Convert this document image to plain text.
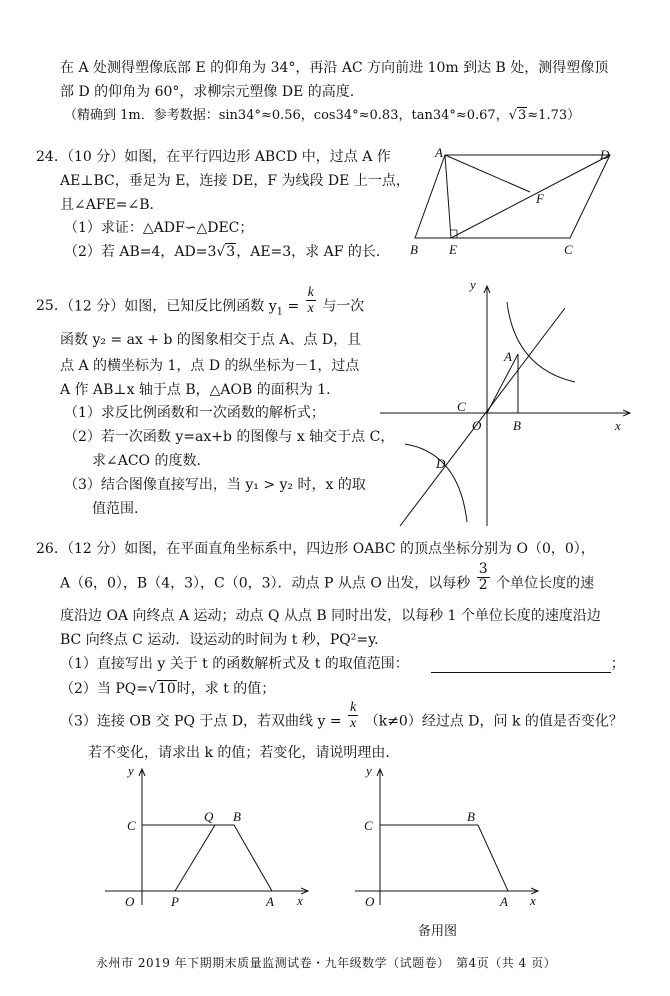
在 A 处测得塑像底部 E 的仰角为 34°，再沿 AC 方向前进 10m 到达 B 处，测得塑像顶
部 D 的仰角为 60°，求柳宗元塑像 DE 的高度.
（精确到 1m．参考数据：sin34°≈0.56，cos34°≈0.83，tan34°≈0.67，√3≈1.73）
24. （10 分）如图，在平行四边形 ABCD 中，过点 A 作
AE⊥BC，垂足为 E，连接 DE，F 为线段 DE 上一点，
且∠AFE=∠B．
（1）求证：△ADF∽△DEC；
（2）若 AB=4，AD=3√3，AE=3，求 AF 的长.
A	D
F
B E	C
25. （12 分）如图，已知反比例函数 $y_1 = \frac{k}{x}$ 与一次
函数 y₂ = ax + b 的图象相交于点 A、点 D，且
点 A 的横坐标为 1，点 D 的纵坐标为－1，过点
A 作 AB⊥x 轴于点 B，△AOB 的面积为 1.
（1）求反比例函数和一次函数的解析式；
（2）若一次函数 y=ax+b 的图像与 x 轴交于点 C，
求∠ACO 的度数.
（3）结合图像直接写出，当 y₁ > y₂ 时，x 的取
值范围.
y
x
A
B
C
O
D
26. （12 分）如图，在平面直角坐标系中，四边形 OABC 的顶点坐标分别为 O（0，0），
A（6，0），B（4，3），C（0，3）．动点 P 从点 O 出发，以每秒 $\frac{3}{2}$ 个单位长度的速
度沿边 OA 向终点 A 运动；动点 Q 从点 B 同时出发，以每秒 1 个单位长度的速度沿边
BC 向终点 C 运动．设运动的时间为 t 秒，PQ²=y.
（1）直接写出 y 关于 t 的函数解析式及 t 的取值范围：	；
（2）当 PQ=√10时，求 t 的值；
（3）连接 OB 交 PQ 于点 D，若双曲线 $y = \frac{k}{x} (k\ne 0)$经过点 D，问 k 的值是否变化？
若不变化，请求出 k 的值；若变化，请说明理由.
y
x
C
Q B
O	P	A
y
x
C
B
O	A
备用图
永州市 2019 年下期期末质量监测试卷・九年级数学（试题卷）　第4页（共 4 页）
